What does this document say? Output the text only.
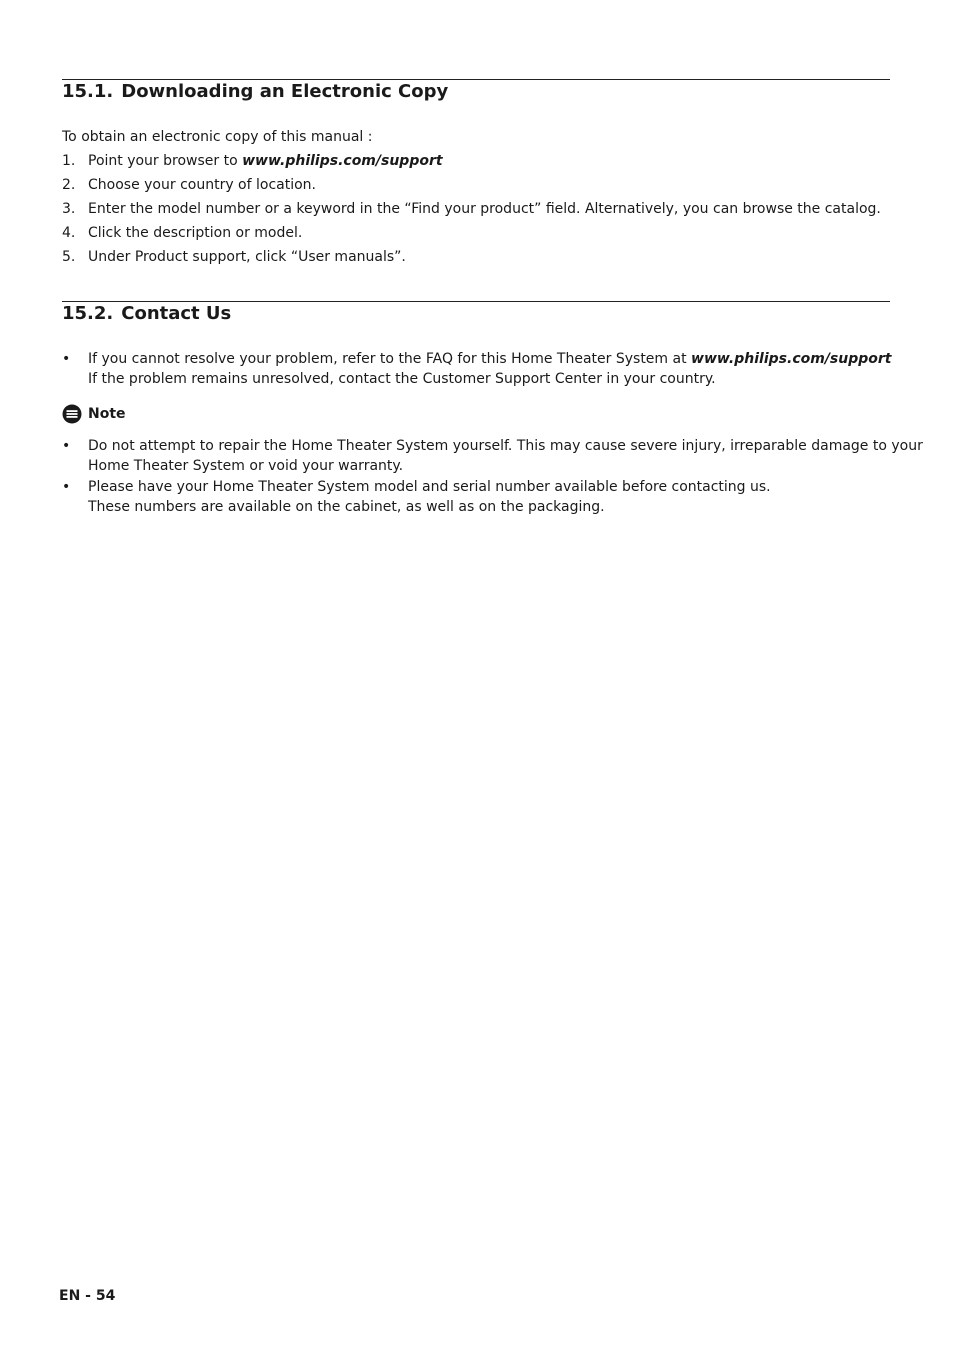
15.1. Downloading an Electronic Copy
To obtain an electronic copy of this manual :
1. Point your browser to www.philips.com/support
2. Choose your country of location.
3. Enter the model number or a keyword in the “Find your product” field. Alternatively, you can browse the catalog.
4. Click the description or model.
5. Under Product support, click “User manuals”.
15.2. Contact Us
• If you cannot resolve your problem, refer to the FAQ for this Home Theater System at www.philips.com/support
If the problem remains unresolved, contact the Customer Support Center in your country.
Note
• Do not attempt to repair the Home Theater System yourself. This may cause severe injury, irreparable damage to your
Home Theater System or void your warranty.
• Please have your Home Theater System model and serial number available before contacting us.
These numbers are available on the cabinet, as well as on the packaging.
EN - 54
